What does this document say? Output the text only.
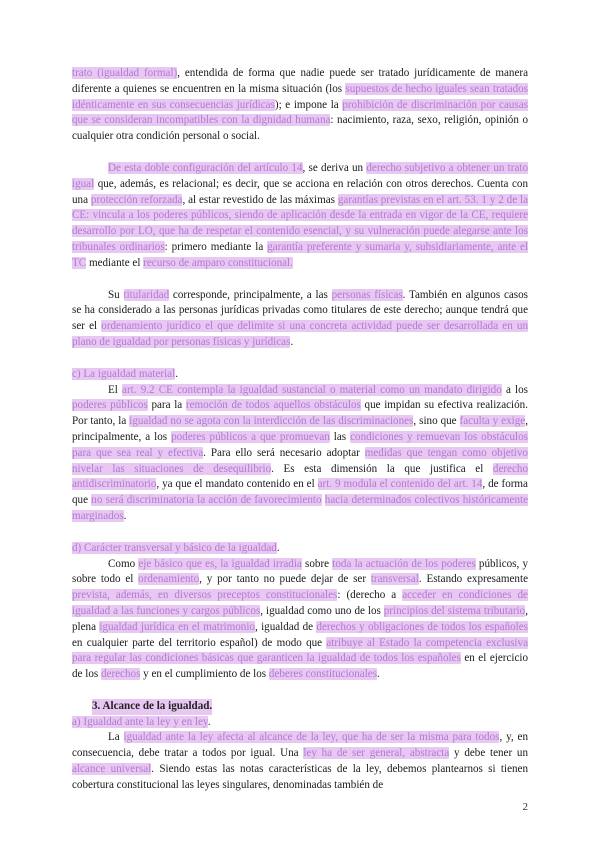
trato (igualdad formal), entendida de forma que nadie puede ser tratado jurídicamente de manera diferente a quienes se encuentren en la misma situación (los supuestos de hecho iguales sean tratados idénticamente en sus consecuencias jurídicas); e impone la prohibición de discriminación por causas que se consideran incompatibles con la dignidad humana: nacimiento, raza, sexo, religión, opinión o cualquier otra condición personal o social.

De esta doble configuración del artículo 14, se deriva un derecho subjetivo a obtener un trato igual que, además, es relacional; es decir, que se acciona en relación con otros derechos. Cuenta con una protección reforzada, al estar revestido de las máximas garantías previstas en el art. 53. 1 y 2 de la CE: vincula a los poderes públicos, siendo de aplicación desde la entrada en vigor de la CE, requiere desarrollo por LO, que ha de respetar el contenido esencial, y su vulneración puede alegarse ante los tribunales ordinarios: primero mediante la garantía preferente y sumaria y, subsidiariamente, ante el TC mediante el recurso de amparo constitucional.

Su titularidad corresponde, principalmente, a las personas físicas. También en algunos casos se ha considerado a las personas jurídicas privadas como titulares de este derecho; aunque tendrá que ser el ordenamiento jurídico el que delimite si una concreta actividad puede ser desarrollada en un plano de igualdad por personas físicas y jurídicas.

c) La igualdad material.

El art. 9.2 CE contempla la igualdad sustancial o material como un mandato dirigido a los poderes públicos para la remoción de todos aquellos obstáculos que impidan su efectiva realización. Por tanto, la igualdad no se agota con la interdicción de las discriminaciones, sino que faculta y exige, principalmente, a los poderes públicos a que promuevan las condiciones y remuevan los obstáculos para que sea real y efectiva. Para ello será necesario adoptar medidas que tengan como objetivo nivelar las situaciones de desequilibrio. Es esta dimensión la que justifica el derecho antidiscriminatorio, ya que el mandato contenido en el art. 9 modula el contenido del art. 14, de forma que no será discriminatoria la acción de favorecimiento hacia determinados colectivos históricamente marginados.

d) Carácter transversal y básico de la igualdad.

Como eje básico que es, la igualdad irradia sobre toda la actuación de los poderes públicos, y sobre todo el ordenamiento, y por tanto no puede dejar de ser transversal. Estando expresamente prevista, además, en diversos preceptos constitucionales: (derecho a acceder en condiciones de igualdad a las funciones y cargos públicos, igualdad como uno de los principios del sistema tributario, plena igualdad jurídica en el matrimonio, igualdad de derechos y obligaciones de todos los españoles en cualquier parte del territorio español) de modo que atribuye al Estado la competencia exclusiva para regular las condiciones básicas que garanticen la igualdad de todos los españoles en el ejercicio de los derechos y en el cumplimiento de los deberes constitucionales.

3. Alcance de la igualdad.

a) Igualdad ante la ley y en ley.

La igualdad ante la ley afecta al alcance de la ley, que ha de ser la misma para todos, y, en consecuencia, debe tratar a todos por igual. Una ley ha de ser general, abstracta y debe tener un alcance universal. Siendo estas las notas características de la ley, debemos plantearnos si tienen cobertura constitucional las leyes singulares, denominadas también de

2
